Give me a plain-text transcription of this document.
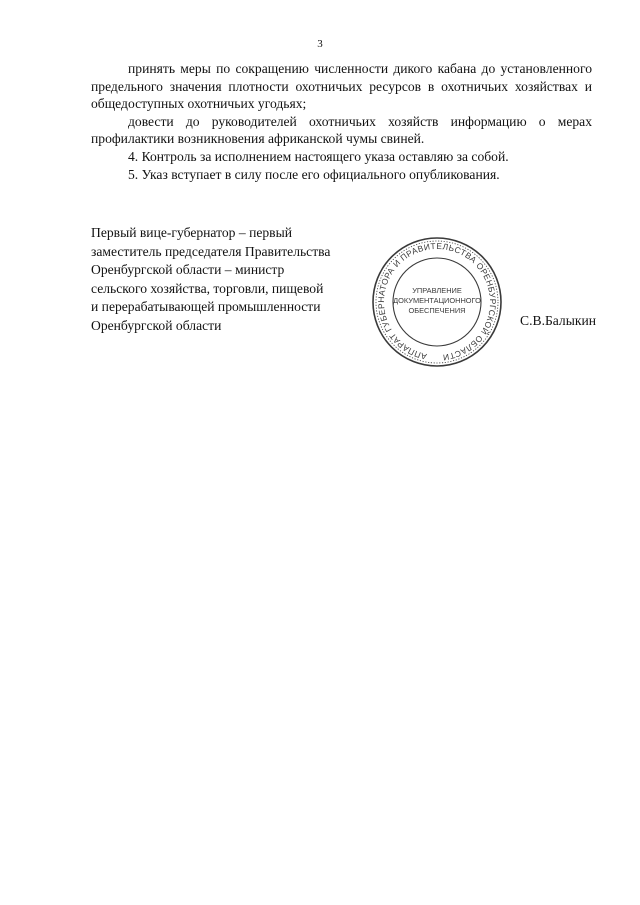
3

принять меры по сокращению численности дикого кабана до установленного предельного значения плотности охотничьих ресурсов в охотничьих хозяйствах и общедоступных охотничьих угодьях;

довести до руководителей охотничьих хозяйств информацию о мерах профилактики возникновения африканской чумы свиней.

4. Контроль за исполнением настоящего указа оставляю за собой.

5. Указ вступает в силу после его официального опубликования.

Первый вице-губернатор – первый
заместитель председателя Правительства
Оренбургской области – министр
сельского хозяйства, торговли, пищевой
и перерабатывающей промышленности
Оренбургской области
АППАРАТ ГУБЕРНАТОРА И ПРАВИТЕЛЬСТВА ОРЕНБУРГСКОЙ ОБЛАСТИ
УПРАВЛЕНИЕ
ДОКУМЕНТАЦИОННОГО
ОБЕСПЕЧЕНИЯ
С.В.Балыкин
